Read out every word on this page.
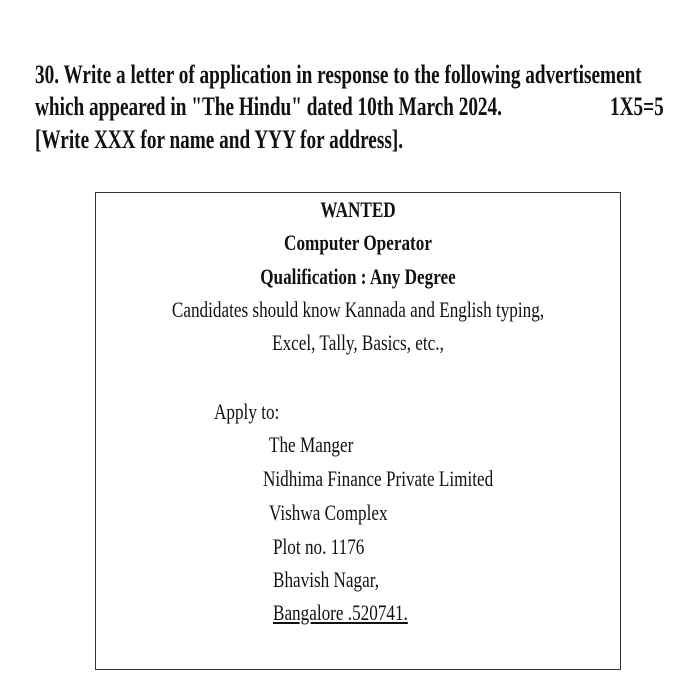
30. Write a letter of application in response to the following advertisement
which appeared in "The Hindu" dated 10th March 2024.	1X5=5
[Write XXX for name and YYY for address].
WANTED
Computer Operator
Qualification : Any Degree
Candidates should know Kannada and English typing,
Excel, Tally, Basics, etc.,
Apply to:
The Manger
Nidhima Finance Private Limited
Vishwa Complex
Plot no. 1176
Bhavish Nagar,
Bangalore .520741.
